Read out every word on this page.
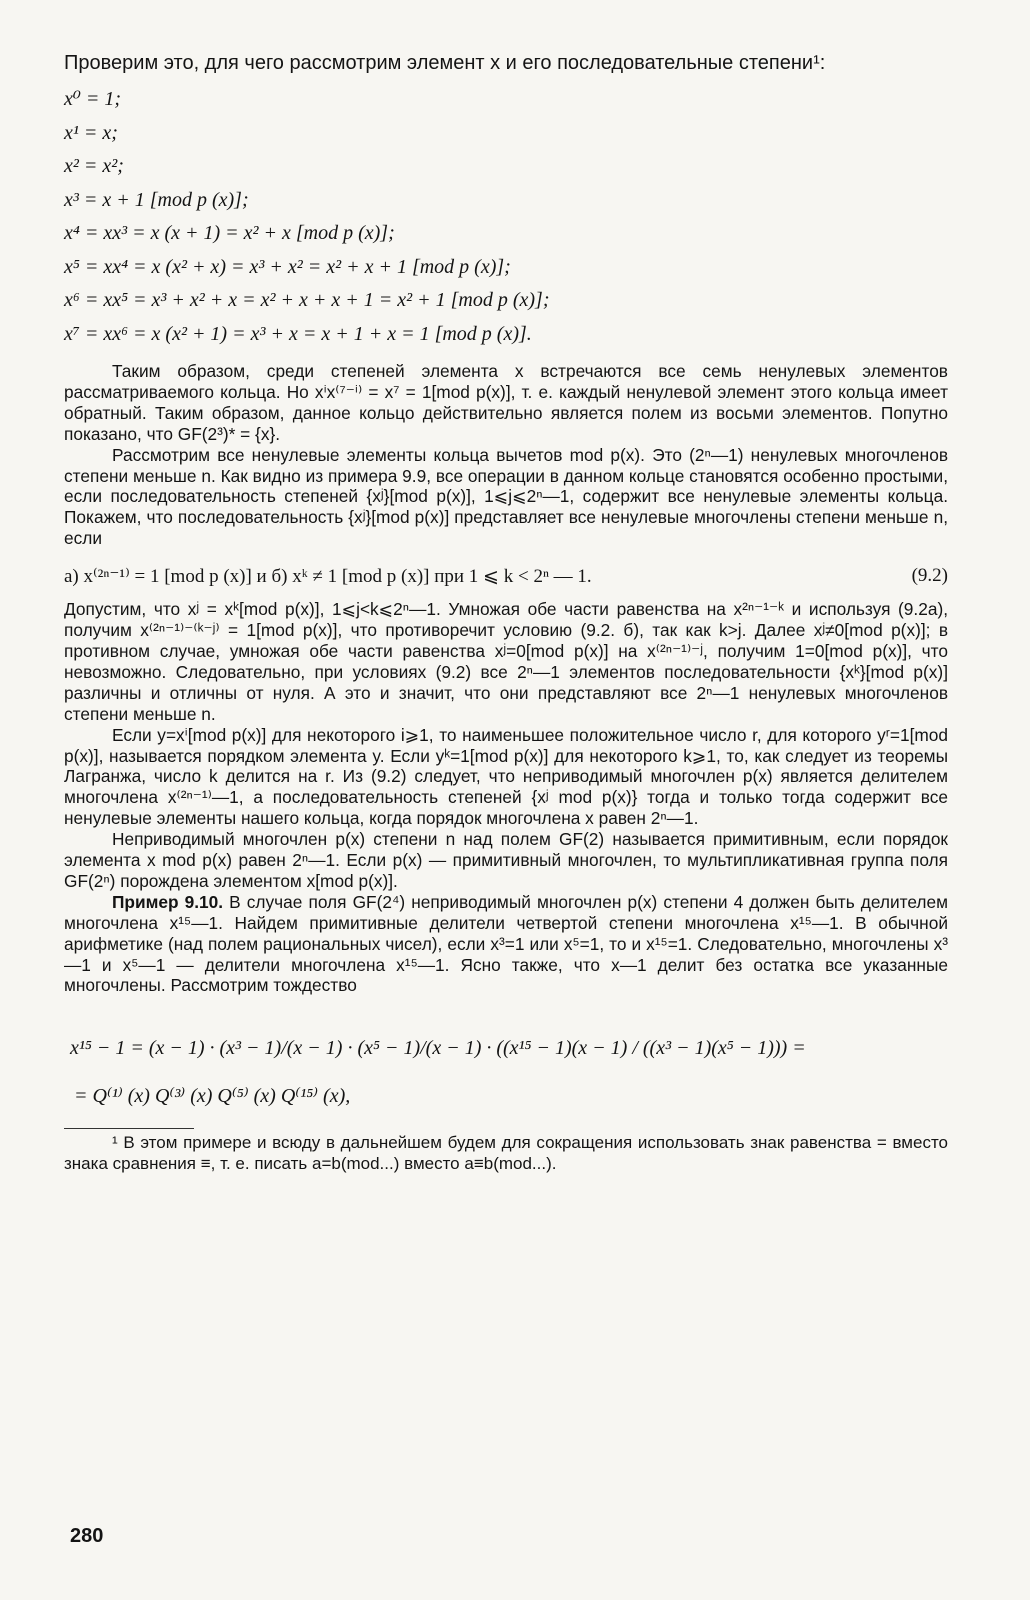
Проверим это, для чего рассмотрим элемент x и его последовательные степени¹:

x⁰ = 1;
x¹ = x;
x² = x²;
x³ = x + 1 [mod p (x)];
x⁴ = xx³ = x (x + 1) = x² + x [mod p (x)];
x⁵ = xx⁴ = x (x² + x) = x³ + x² = x² + x + 1 [mod p (x)];
x⁶ = xx⁵ = x³ + x² + x = x² + x + x + 1 = x² + 1 [mod p (x)];
x⁷ = xx⁶ = x (x² + 1) = x³ + x = x + 1 + x = 1 [mod p (x)].

Таким образом, среди степеней элемента x встречаются все семь ненулевых элементов рассматриваемого кольца. Но xⁱx⁽⁷⁻ⁱ⁾ = x⁷ = 1[mod p(x)], т. е. каждый ненулевой элемент этого кольца имеет обратный. Таким образом, данное кольцо действительно является полем из восьми элементов. Попутно показано, что GF(2³)* = {x}.

Рассмотрим все ненулевые элементы кольца вычетов mod p(x). Это (2ⁿ—1) ненулевых многочленов степени меньше n. Как видно из примера 9.9, все операции в данном кольце становятся особенно простыми, если последовательность степеней {xʲ}[mod p(x)], 1⩽j⩽2ⁿ—1, содержит все ненулевые элементы кольца. Покажем, что последовательность {xʲ}[mod p(x)] представляет все ненулевые многочлены степени меньше n, если

а) x⁽²ⁿ⁻¹⁾ = 1 [mod p (x)] и б) xᵏ ≠ 1 [mod p (x)] при 1 ⩽ k < 2ⁿ — 1.	(9.2)

Допустим, что xʲ = xᵏ[mod p(x)], 1⩽j<k⩽2ⁿ—1. Умножая обе части равенства на x²ⁿ⁻¹⁻ᵏ и используя (9.2а), получим x⁽²ⁿ⁻¹⁾⁻⁽ᵏ⁻ʲ⁾ = 1[mod p(x)], что противоречит условию (9.2. б), так как k>j. Далее xʲ≠0[mod p(x)]; в противном случае, умножая обе части равенства xʲ=0[mod p(x)] на x⁽²ⁿ⁻¹⁾⁻ʲ, получим 1=0[mod p(x)], что невозможно. Следовательно, при условиях (9.2) все 2ⁿ—1 элементов последовательности {xᵏ}[mod p(x)] различны и отличны от нуля. А это и значит, что они представляют все 2ⁿ—1 ненулевых многочленов степени меньше n.

Если y=xⁱ[mod p(x)] для некоторого i⩾1, то наименьшее положительное число r, для которого yʳ=1[mod p(x)], называется порядком элемента y. Если yᵏ=1[mod p(x)] для некоторого k⩾1, то, как следует из теоремы Лагранжа, число k делится на r. Из (9.2) следует, что неприводимый многочлен p(x) является делителем многочлена x⁽²ⁿ⁻¹⁾—1, а последовательность степеней {xʲ mod p(x)} тогда и только тогда содержит все ненулевые элементы нашего кольца, когда порядок многочлена x равен 2ⁿ—1.

Неприводимый многочлен p(x) степени n над полем GF(2) называется примитивным, если порядок элемента x mod p(x) равен 2ⁿ—1. Если p(x) — примитивный многочлен, то мультипликативная группа поля GF(2ⁿ) порождена элементом x[mod p(x)].

Пример 9.10. В случае поля GF(2⁴) неприводимый многочлен p(x) степени 4 должен быть делителем многочлена x¹⁵—1. Найдем примитивные делители четвертой степени многочлена x¹⁵—1. В обычной арифметике (над полем рациональных чисел), если x³=1 или x⁵=1, то и x¹⁵=1. Следовательно, многочлены x³—1 и x⁵—1 — делители многочлена x¹⁵—1. Ясно также, что x—1 делит без остатка все указанные многочлены. Рассмотрим тождество

x¹⁵ − 1 = (x − 1) · (x³ − 1)/(x − 1) · (x⁵ − 1)/(x − 1) · ((x¹⁵ − 1)(x − 1) / ((x³ − 1)(x⁵ − 1))) =
= Q⁽¹⁾ (x) Q⁽³⁾ (x) Q⁽⁵⁾ (x) Q⁽¹⁵⁾ (x),

¹ В этом примере и всюду в дальнейшем будем для сокращения использовать знак равенства = вместо знака сравнения ≡, т. е. писать a=b(mod...) вместо a≡b(mod...).

280
